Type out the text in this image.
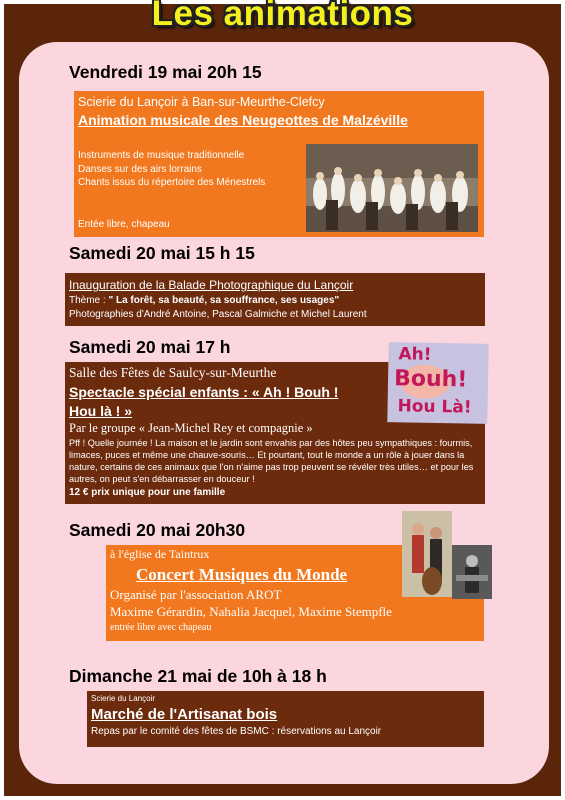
Les animations
Vendredi 19 mai 20h 15
Scierie du Lançoir à Ban-sur-Meurthe-Clefcy
Animation musicale des Neugeottes de Malzéville
Instruments de musique traditionnelle
Danses sur des airs lorrains
Chants issus du répertoire des Ménestrels
Entée libre, chapeau
Samedi 20 mai 15 h 15
Inauguration de la Balade Photographique du Lançoir
Thème : " La forêt, sa beauté, sa souffrance, ses usages"
Photographies d'André Antoine, Pascal Galmiche et Michel Laurent
Samedi 20 mai 17 h
Salle des Fêtes de Saulcy-sur-Meurthe
Spectacle spécial enfants : « Ah ! Bouh !
Hou là ! »
Par le groupe « Jean-Michel Rey et compagnie »
Pff ! Quelle journée ! La maison et le jardin sont envahis par des hôtes peu sympathiques : fourmis, limaces, puces et même une chauve-souris… Et pourtant, tout le monde a un rôle à jouer dans la nature, certains de ces animaux que l'on n'aime pas trop peuvent se révéler très utiles… et pour les autres, on peut s'en débarrasser en douceur !
12 € prix unique pour une famille
Ah!
Bouh!
Hou Là!
Samedi 20 mai 20h30
à l'église de Taintrux
Concert Musiques du Monde
Organisé par l'association AROT
Maxime Gérardin, Nahalia Jacquel, Maxime Stempfle
entrée libre avec chapeau
Dimanche 21 mai de 10h à 18 h
Scierie du Lançoir
Marché de l'Artisanat bois
Repas par le comité des fêtes de BSMC : réservations au Lançoir
